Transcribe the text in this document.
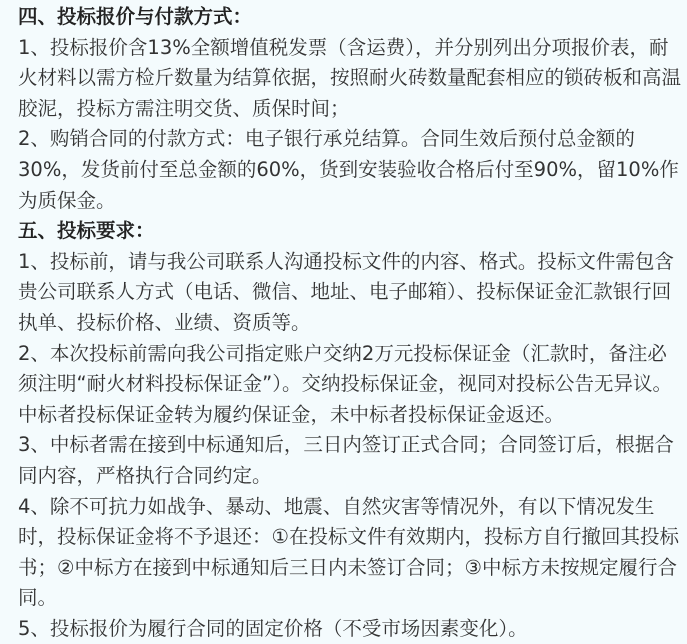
四、投标报价与付款方式：
1、投标报价含13%全额增值税发票（含运费），并分别列出分项报价表，耐
火材料以需方检斤数量为结算依据，按照耐火砖数量配套相应的锁砖板和高温
胶泥，投标方需注明交货、质保时间；
2、购销合同的付款方式：电子银行承兑结算。合同生效后预付总金额的
30%，发货前付至总金额的60%，货到安装验收合格后付至90%，留10%作
为质保金。
五、投标要求：
1、投标前，请与我公司联系人沟通投标文件的内容、格式。投标文件需包含
贵公司联系人方式（电话、微信、地址、电子邮箱）、投标保证金汇款银行回
执单、投标价格、业绩、资质等。
2、本次投标前需向我公司指定账户交纳2万元投标保证金（汇款时，备注必
须注明“耐火材料投标保证金”）。交纳投标保证金，视同对投标公告无异议。
中标者投标保证金转为履约保证金，未中标者投标保证金返还。
3、中标者需在接到中标通知后，三日内签订正式合同；合同签订后，根据合
同内容，严格执行合同约定。
4、除不可抗力如战争、暴动、地震、自然灾害等情况外，有以下情况发生
时，投标保证金将不予退还：①在投标文件有效期内，投标方自行撤回其投标
书；②中标方在接到中标通知后三日内未签订合同；③中标方未按规定履行合
同。
5、投标报价为履行合同的固定价格（不受市场因素变化）。
